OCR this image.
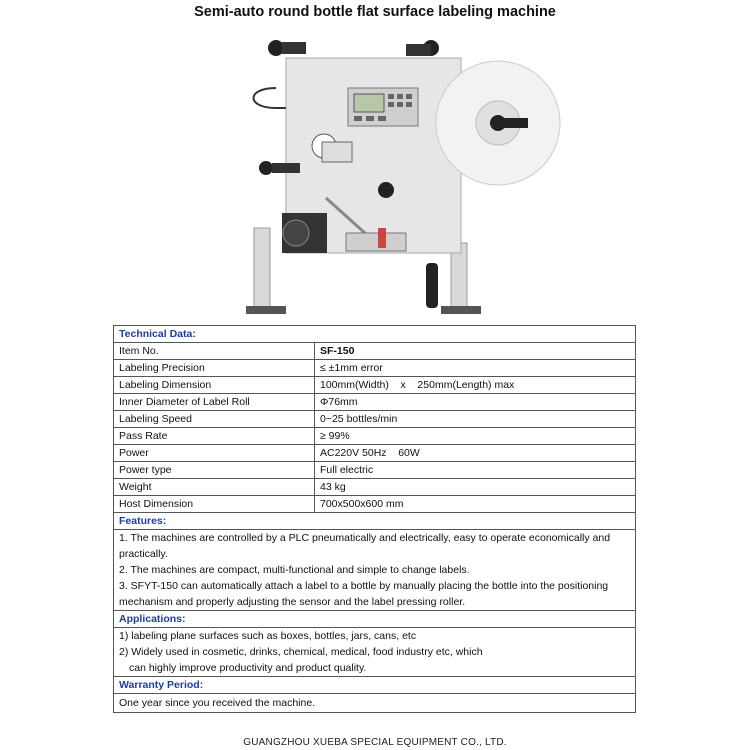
Semi-auto round bottle flat surface labeling machine
Technical Data:	
Item No.	SF-150
Labeling Precision	≤ ±1mm error
Labeling Dimension	100mm(Width)    x    250mm(Length) max
Inner Diameter of Label Roll	Φ76mm
Labeling Speed	0~25 bottles/min
Pass Rate	≥ 99%
Power	AC220V 50Hz    60W
Power type	Full electric
Weight	43 kg
Host Dimension	700x500x600 mm
Features:	

1. The machines are controlled by a PLC pneumatically and electrically, easy to operate economically and
practically.
2. The machines are compact, multi-functional and simple to change labels.
3. SFYT-150 can automatically attach a label to a bottle by manually placing the bottle into the positioning
mechanism and properly adjusting the sensor and the label pressing roller.	

Applications:	

1) labeling plane surfaces such as boxes, bottles, jars, cans, etc
2) Widely used in cosmetic, drinks, chemical, medical, food industry etc, which
can highly improve productivity and product quality.	

Warranty Period:	
One year since you received the machine.	
GUANGZHOU XUEBA SPECIAL EQUIPMENT CO., LTD.
